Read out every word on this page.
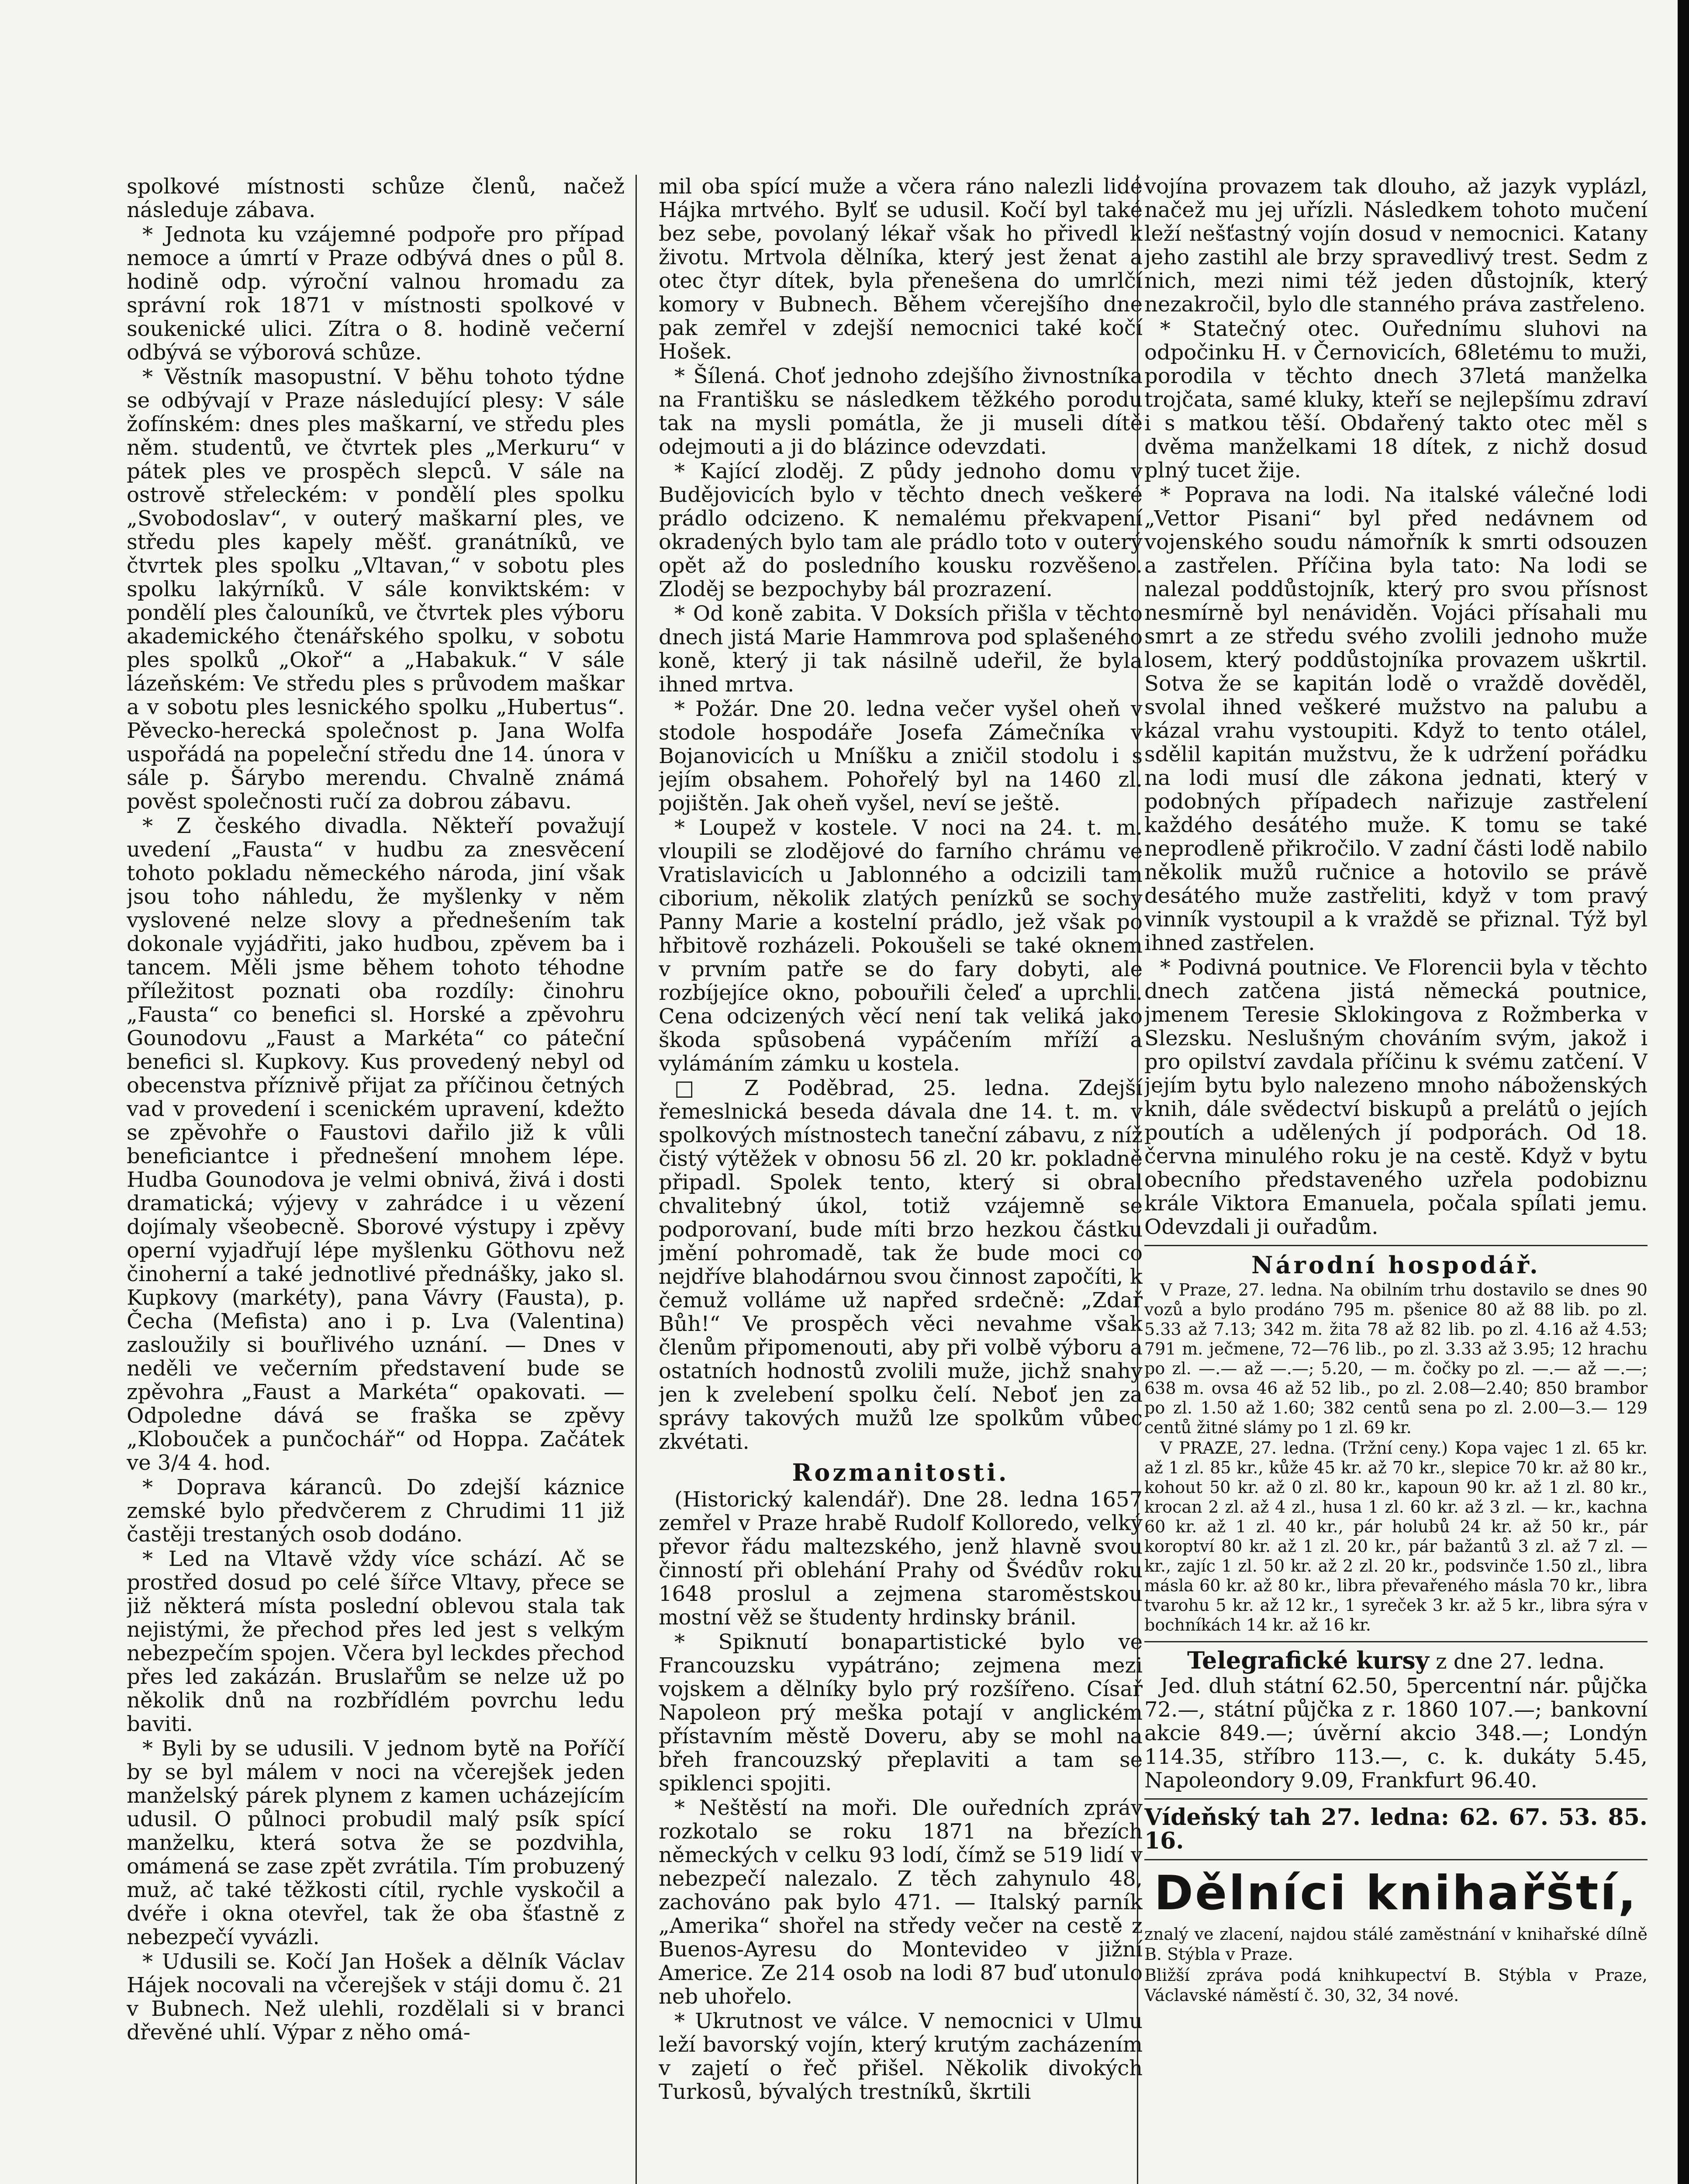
spolkové místnosti schůze členů, načež následuje zábava.

* Jednota ku vzájemné podpoře pro případ nemoce a úmrtí v Praze odbývá dnes o půl 8. hodině odp. výroční valnou hromadu za správní rok 1871 v místnosti spolkové v soukenické ulici. Zítra o 8. hodině večerní odbývá se výborová schůze.

* Věstník masopustní. V běhu tohoto týdne se odbývají v Praze následující plesy: V sále žofínském: dnes ples maškarní, ve středu ples něm. studentů, ve čtvrtek ples „Merkuru“ v pátek ples ve prospěch slepců. V sále na ostrově střeleckém: v pondělí ples spolku „Svobodoslav“, v outerý maškarní ples, ve středu ples kapely měšť. granátníků, ve čtvrtek ples spolku „Vltavan,“ v sobotu ples spolku lakýrníků. V sále konviktském: v pondělí ples čalouníků, ve čtvrtek ples výboru akademického čtenářského spolku, v sobotu ples spolků „Okoř“ a „Habakuk.“ V sále lázeňském: Ve středu ples s průvodem maškar a v sobotu ples lesnického spolku „Hubertus“. Pěvecko-herecká společnost p. Jana Wolfa uspořádá na popeleční středu dne 14. února v sále p. Šárybo merendu. Chvalně známá pověst společnosti ručí za dobrou zábavu.

* Z českého divadla. Někteří považují uvedení „Fausta“ v hudbu za znesvěcení tohoto pokladu německého národa, jiní však jsou toho náhledu, že myšlenky v něm vyslovené nelze slovy a přednešením tak dokonale vyjádřiti, jako hudbou, zpěvem ba i tancem. Měli jsme během tohoto téhodne příležitost poznati oba rozdíly: činohru „Fausta“ co benefici sl. Horské a zpěvohru Gounodovu „Faust a Markéta“ co páteční benefici sl. Kupkovy. Kus provedený nebyl od obecenstva příznivě přijat za příčinou četných vad v provedení i scenickém upravení, kdežto se zpěvohře o Faustovi dařilo již k vůli beneficiantce i přednešení mnohem lépe. Hudba Gounodova je velmi obnivá, živá i dosti dramatická; výjevy v zahrádce i u vězení dojímaly všeobecně. Sborové výstupy i zpěvy operní vyjadřují lépe myšlenku Göthovu než činoherní a také jednotlivé přednášky, jako sl. Kupkovy (markéty), pana Vávry (Fausta), p. Čecha (Mefista) ano i p. Lva (Valentina) zasloužily si bouřlivého uznání. — Dnes v neděli ve večerním představení bude se zpěvohra „Faust a Markéta“ opakovati. — Odpoledne dává se fraška se zpěvy „Klobouček a punčochář“ od Hoppa. Začátek ve 3/4 4. hod.

* Doprava kárancû. Do zdejší káznice zemské bylo předvčerem z Chrudimi 11 již častěji trestaných osob dodáno.

* Led na Vltavě vždy více schází. Ač se prostřed dosud po celé šířce Vltavy, přece se již některá místa poslední oblevou stala tak nejistými, že přechod přes led jest s velkým nebezpečím spojen. Včera byl leckdes přechod přes led zakázán. Bruslařům se nelze už po několik dnů na rozbřídlém povrchu ledu baviti.

* Byli by se udusili. V jednom bytě na Poříčí by se byl málem v noci na včerejšek jeden manželský párek plynem z kamen ucházejícím udusil. O půlnoci probudil malý psík spící manželku, která sotva že se pozdvihla, omámená se zase zpět zvrátila. Tím probuzený muž, ač také těžkosti cítil, rychle vyskočil a dvéře i okna otevřel, tak že oba šťastně z nebezpečí vyvázli.

* Udusili se. Kočí Jan Hošek a dělník Václav Hájek nocovali na včerejšek v stáji domu č. 21 v Bubnech. Než ulehli, rozdělali si v branci dřevěné uhlí. Výpar z něho omá-

mil oba spící muže a včera ráno nalezli lidé Hájka mrtvého. Bylť se udusil. Kočí byl také bez sebe, povolaný lékař však ho přivedl k životu. Mrtvola dělníka, který jest ženat a otec čtyr dítek, byla přenešena do umrlčí komory v Bubnech. Během včerejšího dne pak zemřel v zdejší nemocnici také kočí Hošek.

* Šílená. Choť jednoho zdejšího živnostníka na Františku se následkem těžkého porodu tak na mysli pomátla, že ji museli dítě odejmouti a ji do blázince odevzdati.

* Kající zloděj. Z půdy jednoho domu v Budějovicích bylo v těchto dnech veškeré prádlo odcizeno. K nemalému překvapení okradených bylo tam ale prádlo toto v outerý opět až do posledního kousku rozvěšeno. Zloděj se bezpochyby bál prozrazení.

* Od koně zabita. V Doksích přišla v těchto dnech jistá Marie Hammrova pod splašeného koně, který ji tak násilně udeřil, že byla ihned mrtva.

* Požár. Dne 20. ledna večer vyšel oheň v stodole hospodáře Josefa Zámečníka v Bojanovicích u Mníšku a zničil stodolu i s jejím obsahem. Pohořelý byl na 1460 zl. pojištěn. Jak oheň vyšel, neví se ještě.

* Loupež v kostele. V noci na 24. t. m. vloupili se zlodějové do farního chrámu ve Vratislavicích u Jablonného a odcizili tam ciborium, několik zlatých penízků se sochy Panny Marie a kostelní prádlo, jež však po hřbitově rozházeli. Pokoušeli se také oknem v prvním patře se do fary dobyti, ale rozbíjejíce okno, pobouřili čeleď a uprchli. Cena odcizených věcí není tak veliká jako škoda spůsobená vypáčením mříží a vylámáním zámku u kostela.

□ Z Poděbrad, 25. ledna. Zdejší řemeslnická beseda dávala dne 14. t. m. v spolkových místnostech taneční zábavu, z níž čistý výtěžek v obnosu 56 zl. 20 kr. pokladně připadl. Spolek tento, který si obral chvalitebný úkol, totiž vzájemně se podporovaní, bude míti brzo hezkou částku jmění pohromadě, tak že bude moci co nejdříve blahodárnou svou činnost započíti, k čemuž volláme už napřed srdečně: „Zdař Bůh!“ Ve prospěch věci nevahme však členům připomenouti, aby při volbě výboru a ostatních hodnostů zvolili muže, jichž snahy jen k zvelebení spolku čelí. Neboť jen za správy takových mužů lze spolkům vůbec zkvétati.

Rozmanitosti.

(Historický kalendář). Dne 28. ledna 1657 zemřel v Praze hrabě Rudolf Kolloredo, velký převor řádu maltezského, jenž hlavně svou činností při oblehání Prahy od Švédův roku 1648 proslul a zejmena staroměstskou mostní věž se študenty hrdinsky bránil.

* Spiknutí bonapartistické bylo ve Francouzsku vypátráno; zejmena mezi vojskem a dělníky bylo prý rozšířeno. Císař Napoleon prý meška potají v anglickém přístavním městě Doveru, aby se mohl na břeh francouzský přeplaviti a tam se spiklenci spojiti.

* Neštěstí na moři. Dle ouředních zpráv rozkotalo se roku 1871 na březích německých v celku 93 lodí, čímž se 519 lidí v nebezpečí nalezalo. Z těch zahynulo 48, zachováno pak bylo 471. — Italský parník „Amerika“ shořel na středy večer na cestě z Buenos-Ayresu do Montevideo v jižní Americe. Ze 214 osob na lodi 87 buď utonulo neb uhořelo.

* Ukrutnost ve válce. V nemocnici v Ulmu leží bavorský vojín, který krutým zacházením v zajetí o řeč přišel. Několik divokých Turkosů, bývalých trestníků, škrtili

vojína provazem tak dlouho, až jazyk vyplázl, načež mu jej uřízli. Následkem tohoto mučení leží nešťastný vojín dosud v nemocnici. Katany jeho zastihl ale brzy spravedlivý trest. Sedm z nich, mezi nimi též jeden důstojník, který nezakročil, bylo dle stanného práva zastřeleno.

* Statečný otec. Ouřednímu sluhovi na odpočinku H. v Černovicích, 68letému to muži, porodila v těchto dnech 37letá manželka trojčata, samé kluky, kteří se nejlepšímu zdraví i s matkou těší. Obdařený takto otec měl s dvěma manželkami 18 dítek, z nichž dosud plný tucet žije.

* Poprava na lodi. Na italské válečné lodi „Vettor Pisani“ byl před nedávnem od vojenského soudu námořník k smrti odsouzen a zastřelen. Příčina byla tato: Na lodi se nalezal poddůstojník, který pro svou přísnost nesmírně byl nenáviděn. Vojáci přísahali mu smrt a ze středu svého zvolili jednoho muže losem, který poddůstojníka provazem uškrtil. Sotva že se kapitán lodě o vraždě dověděl, svolal ihned veškeré mužstvo na palubu a kázal vrahu vystoupiti. Když to tento otálel, sdělil kapitán mužstvu, že k udržení pořádku na lodi musí dle zákona jednati, který v podobných případech nařizuje zastřelení každého desátého muže. K tomu se také neprodleně přikročilo. V zadní části lodě nabilo několik mužů ručnice a hotovilo se právě desátého muže zastřeliti, když v tom pravý vinník vystoupil a k vraždě se přiznal. Týž byl ihned zastřelen.

* Podivná poutnice. Ve Florencii byla v těchto dnech zatčena jistá německá poutnice, jmenem Teresie Sklokingova z Rožmberka v Slezsku. Neslušným chováním svým, jakož i pro opilství zavdala příčinu k svému zatčení. V jejím bytu bylo nalezeno mnoho náboženských knih, dále svědectví biskupů a prelátů o jejích poutích a udělených jí podporách. Od 18. června minulého roku je na cestě. Když v bytu obecního představeného uzřela podobiznu krále Viktora Emanuela, počala spílati jemu. Odevzdali ji ouřadům.

Národní hospodář.

V Praze, 27. ledna. Na obilním trhu dostavilo se dnes 90 vozů a bylo prodáno 795 m. pšenice 80 až 88 lib. po zl. 5.33 až 7.13; 342 m. žita 78 až 82 lib. po zl. 4.16 až 4.53; 791 m. ječmene, 72—76 lib., po zl. 3.33 až 3.95; 12 hrachu po zl. —.— až —.—; 5.20, — m. čočky po zl. —.— až —.—; 638 m. ovsa 46 až 52 lib., po zl. 2.08—2.40; 850 brambor po zl. 1.50 až 1.60; 382 centů sena po zl. 2.00—3.— 129 centů žitné slámy po 1 zl. 69 kr.

V PRAZE, 27. ledna. (Tržní ceny.) Kopa vajec 1 zl. 65 kr. až 1 zl. 85 kr., kůže 45 kr. až 70 kr., slepice 70 kr. až 80 kr., kohout 50 kr. až 0 zl. 80 kr., kapoun 90 kr. až 1 zl. 80 kr., krocan 2 zl. až 4 zl., husa 1 zl. 60 kr. až 3 zl. — kr., kachna 60 kr. až 1 zl. 40 kr., pár holubů 24 kr. až 50 kr., pár koroptví 80 kr. až 1 zl. 20 kr., pár bažantů 3 zl. až 7 zl. — kr., zajíc 1 zl. 50 kr. až 2 zl. 20 kr., podsvinče 1.50 zl., libra másla 60 kr. až 80 kr., libra převařeného másla 70 kr., libra tvarohu 5 kr. až 12 kr., 1 syreček 3 kr. až 5 kr., libra sýra v bochníkách 14 kr. až 16 kr.

Telegrafické kursy z dne 27. ledna.

Jed. dluh státní 62.50, 5percentní nár. půjčka 72.—, státní půjčka z r. 1860 107.—; bankovní akcie 849.—; úvěrní akcio 348.—; Londýn 114.35, stříbro 113.—, c. k. dukáty 5.45, Napoleondory 9.09, Frankfurt 96.40.

Vídeňský tah 27. ledna: 62. 67. 53. 85. 16.

Dělníci knihařští,

znalý ve zlacení, najdou stálé zaměstnání v knihařské dílně B. Stýbla v Praze.

Bližší zpráva podá knihkupectví B. Stýbla v Praze, Václavské náměstí č. 30, 32, 34 nové.
